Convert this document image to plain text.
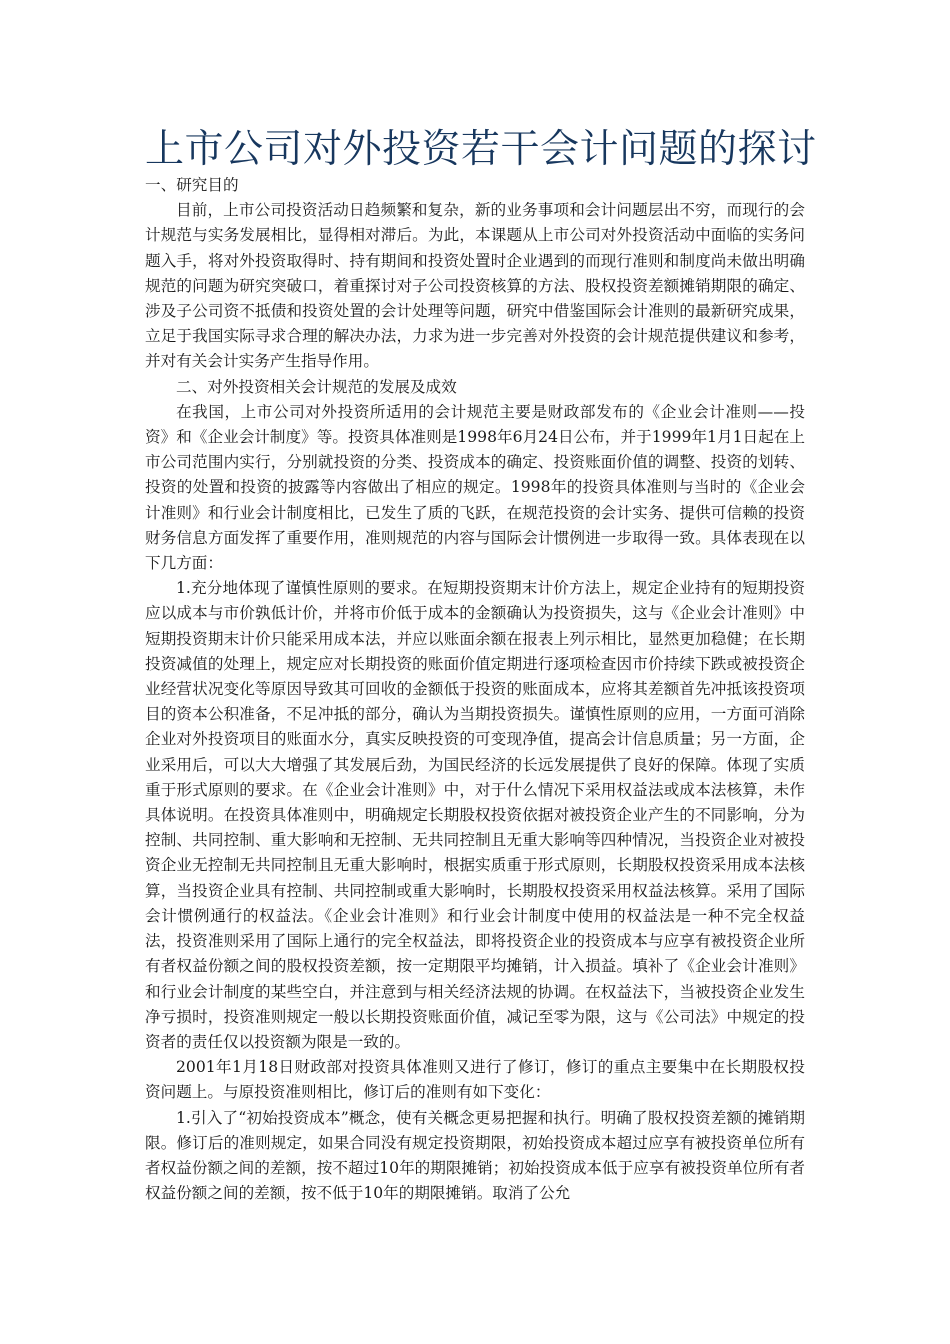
上市公司对外投资若干会计问题的探讨

一、研究目的

目前，上市公司投资活动日趋频繁和复杂，新的业务事项和会计问题层出不穷，而现行的会计规范与实务发展相比，显得相对滞后。为此，本课题从上市公司对外投资活动中面临的实务问题入手，将对外投资取得时、持有期间和投资处置时企业遇到的而现行准则和制度尚未做出明确规范的问题为研究突破口，着重探讨对子公司投资核算的方法、股权投资差额摊销期限的确定、涉及子公司资不抵债和投资处置的会计处理等问题，研究中借鉴国际会计准则的最新研究成果，立足于我国实际寻求合理的解决办法，力求为进一步完善对外投资的会计规范提供建议和参考，并对有关会计实务产生指导作用。

二、对外投资相关会计规范的发展及成效

在我国，上市公司对外投资所适用的会计规范主要是财政部发布的《企业会计准则——投资》和《企业会计制度》等。投资具体准则是1998年6月24日公布，并于1999年1月1日起在上市公司范围内实行，分别就投资的分类、投资成本的确定、投资账面价值的调整、投资的划转、投资的处置和投资的披露等内容做出了相应的规定。1998年的投资具体准则与当时的《企业会计准则》和行业会计制度相比，已发生了质的飞跃，在规范投资的会计实务、提供可信赖的投资财务信息方面发挥了重要作用，准则规范的内容与国际会计惯例进一步取得一致。具体表现在以下几方面：

1.充分地体现了谨慎性原则的要求。在短期投资期末计价方法上，规定企业持有的短期投资应以成本与市价孰低计价，并将市价低于成本的金额确认为投资损失，这与《企业会计准则》中短期投资期末计价只能采用成本法，并应以账面余额在报表上列示相比，显然更加稳健；在长期投资减值的处理上，规定应对长期投资的账面价值定期进行逐项检查因市价持续下跌或被投资企业经营状况变化等原因导致其可回收的金额低于投资的账面成本，应将其差额首先冲抵该投资项目的资本公积准备，不足冲抵的部分，确认为当期投资损失。谨慎性原则的应用，一方面可消除企业对外投资项目的账面水分，真实反映投资的可变现净值，提高会计信息质量；另一方面，企业采用后，可以大大增强了其发展后劲，为国民经济的长远发展提供了良好的保障。体现了实质重于形式原则的要求。在《企业会计准则》中，对于什么情况下采用权益法或成本法核算，未作具体说明。在投资具体准则中，明确规定长期股权投资依据对被投资企业产生的不同影响，分为控制、共同控制、重大影响和无控制、无共同控制且无重大影响等四种情况，当投资企业对被投资企业无控制无共同控制且无重大影响时，根据实质重于形式原则，长期股权投资采用成本法核算，当投资企业具有控制、共同控制或重大影响时，长期股权投资采用权益法核算。采用了国际会计惯例通行的权益法。《企业会计准则》和行业会计制度中使用的权益法是一种不完全权益法，投资准则采用了国际上通行的完全权益法，即将投资企业的投资成本与应享有被投资企业所有者权益份额之间的股权投资差额，按一定期限平均摊销，计入损益。填补了《企业会计准则》和行业会计制度的某些空白，并注意到与相关经济法规的协调。在权益法下，当被投资企业发生净亏损时，投资准则规定一般以长期投资账面价值，减记至零为限，这与《公司法》中规定的投资者的责任仅以投资额为限是一致的。

2001年1月18日财政部对投资具体准则又进行了修订，修订的重点主要集中在长期股权投资问题上。与原投资准则相比，修订后的准则有如下变化：

1.引入了“初始投资成本”概念，使有关概念更易把握和执行。明确了股权投资差额的摊销期限。修订后的准则规定，如果合同没有规定投资期限，初始投资成本超过应享有被投资单位所有者权益份额之间的差额，按不超过10年的期限摊销；初始投资成本低于应享有被投资单位所有者权益份额之间的差额，按不低于10年的期限摊销。取消了公允
